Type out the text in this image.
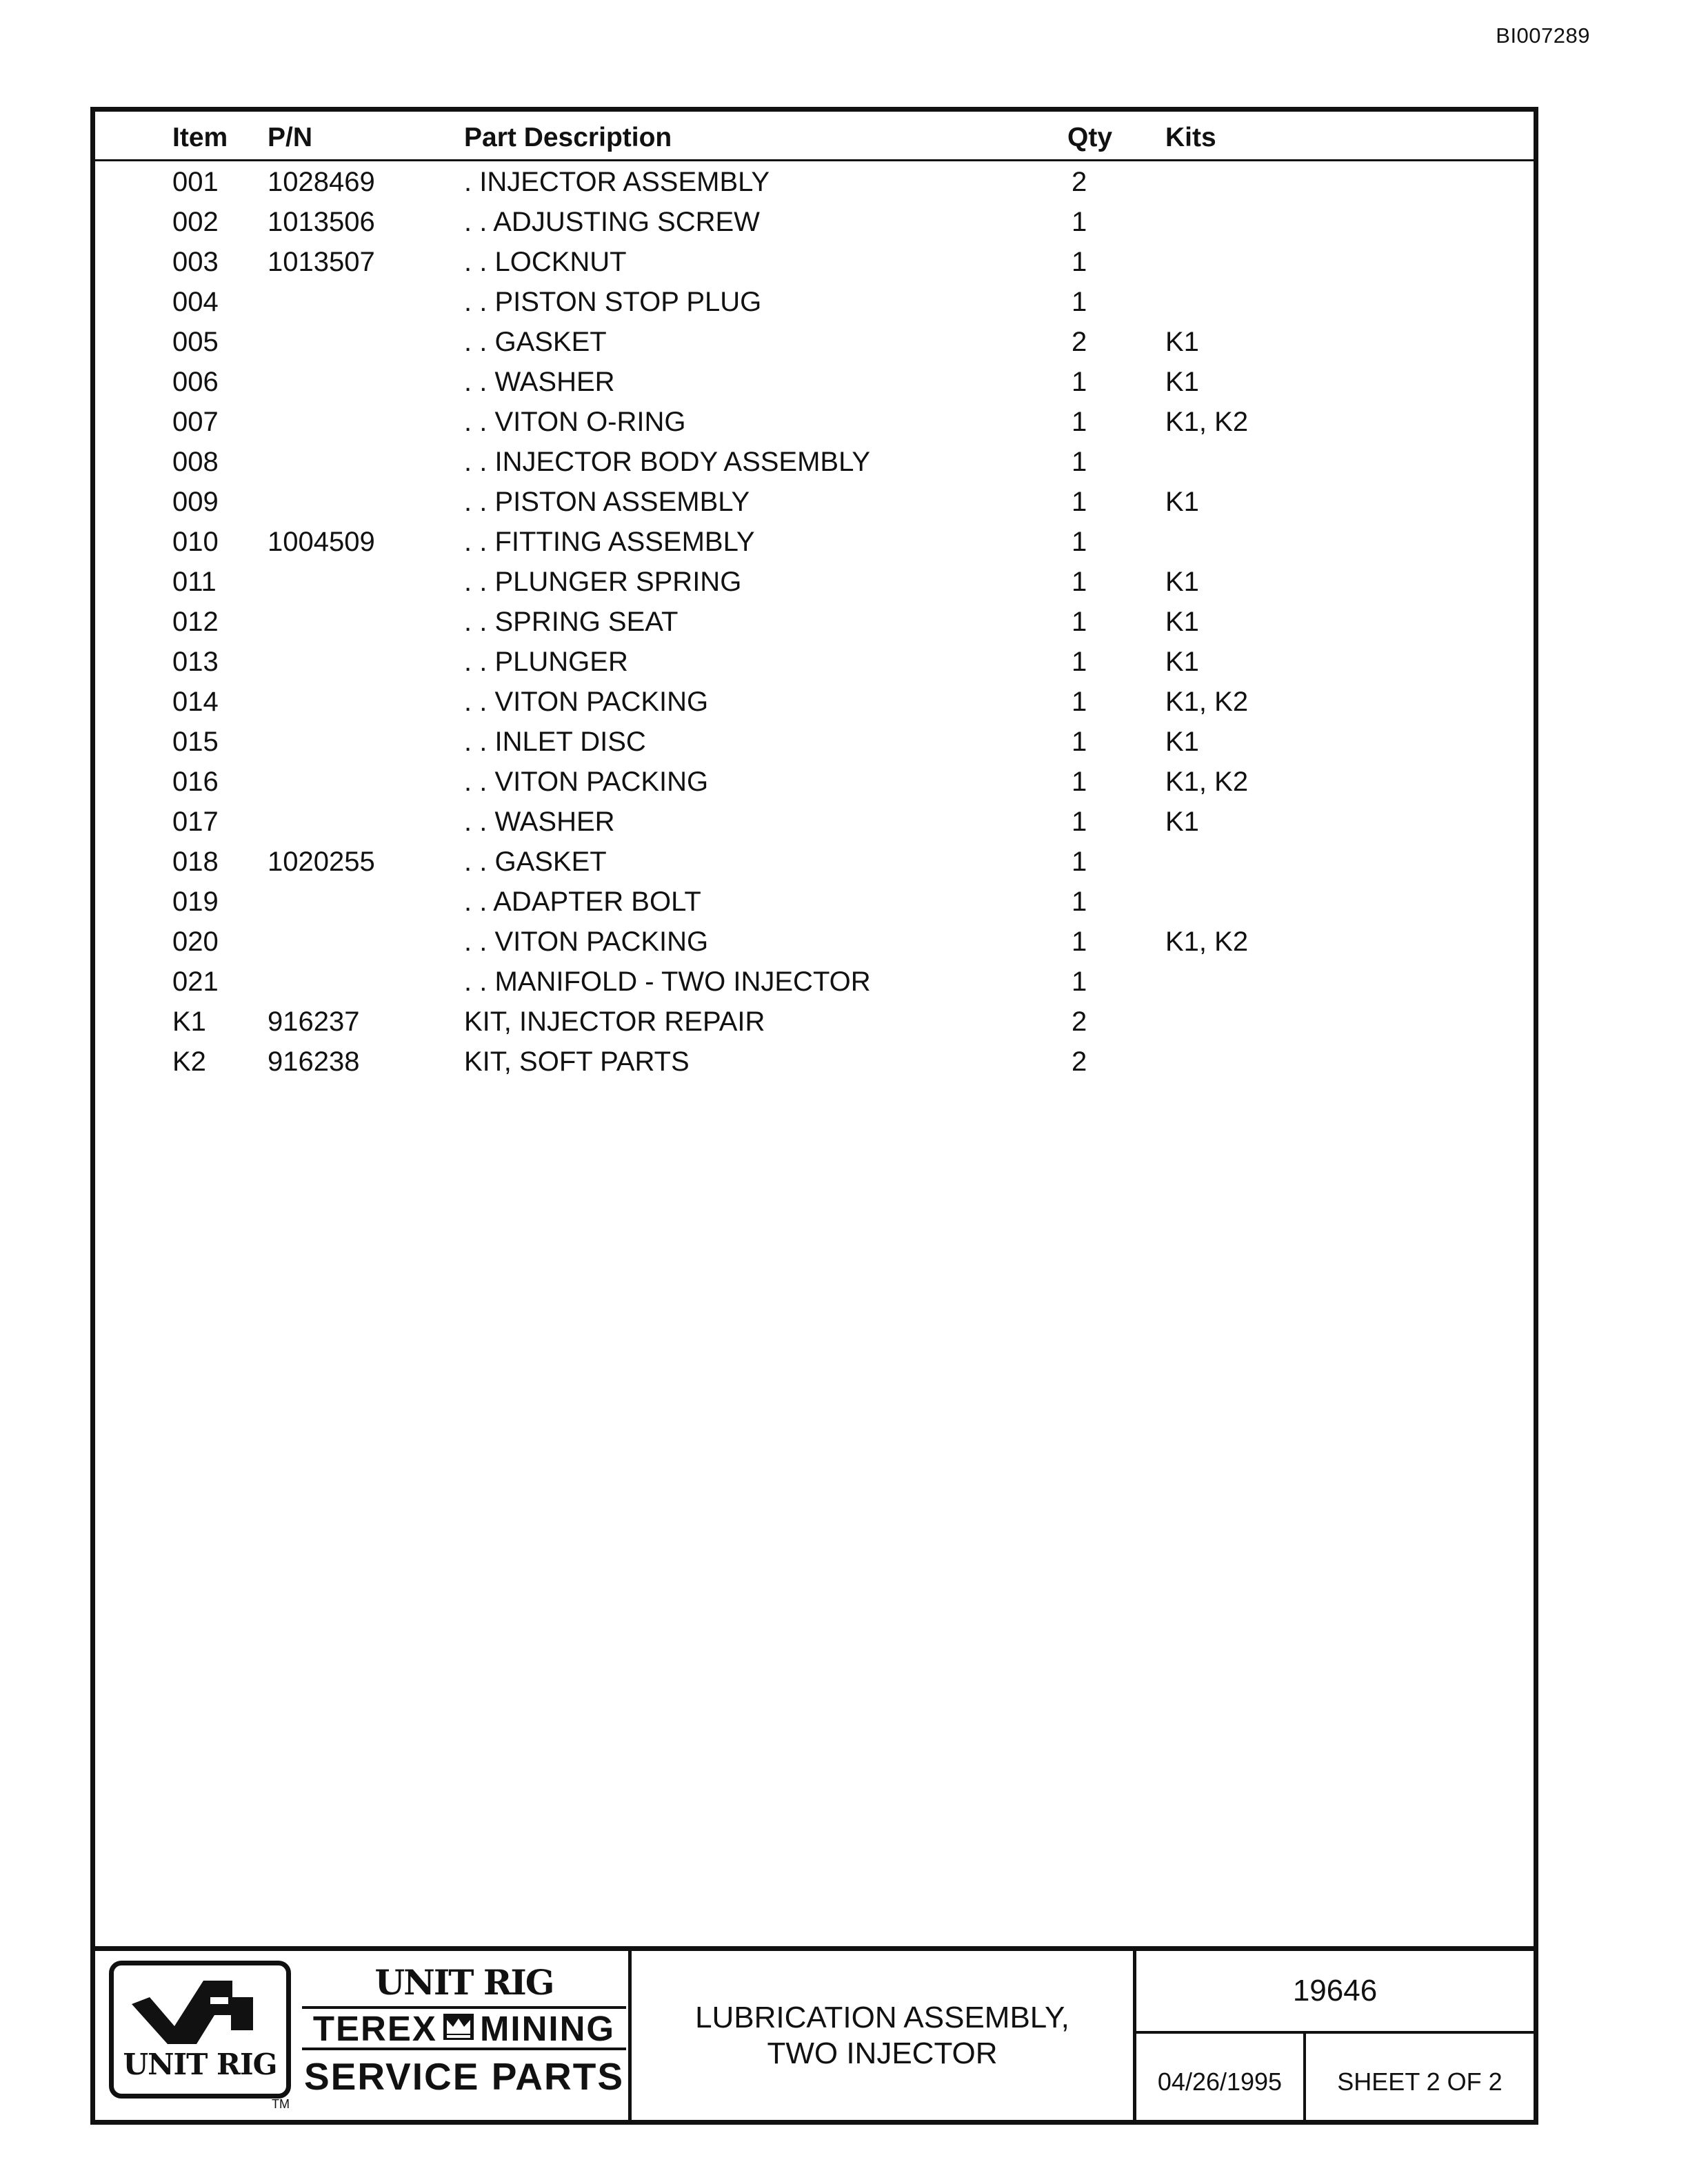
BI007289
Item P/N	Part Description	Qty Kits
001 1028469	. INJECTOR ASSEMBLY	2
002 1013506	. . ADJUSTING SCREW	1
003 1013507	. . LOCKNUT	1
004	. . PISTON STOP PLUG	1
005	. . GASKET	2	K1
006	. . WASHER	1	K1
007	. . VITON O-RING	1	K1, K2
008	. . INJECTOR BODY ASSEMBLY	1
009	. . PISTON ASSEMBLY	1	K1
010 1004509	. . FITTING ASSEMBLY	1
011	. . PLUNGER SPRING	1	K1
012	. . SPRING SEAT	1	K1
013	. . PLUNGER	1	K1
014	. . VITON PACKING	1	K1, K2
015	. . INLET DISC	1	K1
016	. . VITON PACKING	1	K1, K2
017	. . WASHER	1	K1
018 1020255	. . GASKET	1
019	. . ADAPTER BOLT	1
020	. . VITON PACKING	1	K1, K2
021	. . MANIFOLD - TWO INJECTOR	1
K1 916237	KIT, INJECTOR REPAIR	2
K2 916238	KIT, SOFT PARTS	2
UNIT RIG
TM
UNIT RIG
TEREX MINING
SERVICE PARTS
LUBRICATION ASSEMBLY,
TWO INJECTOR
19646
04/26/1995	SHEET 2 OF 2
